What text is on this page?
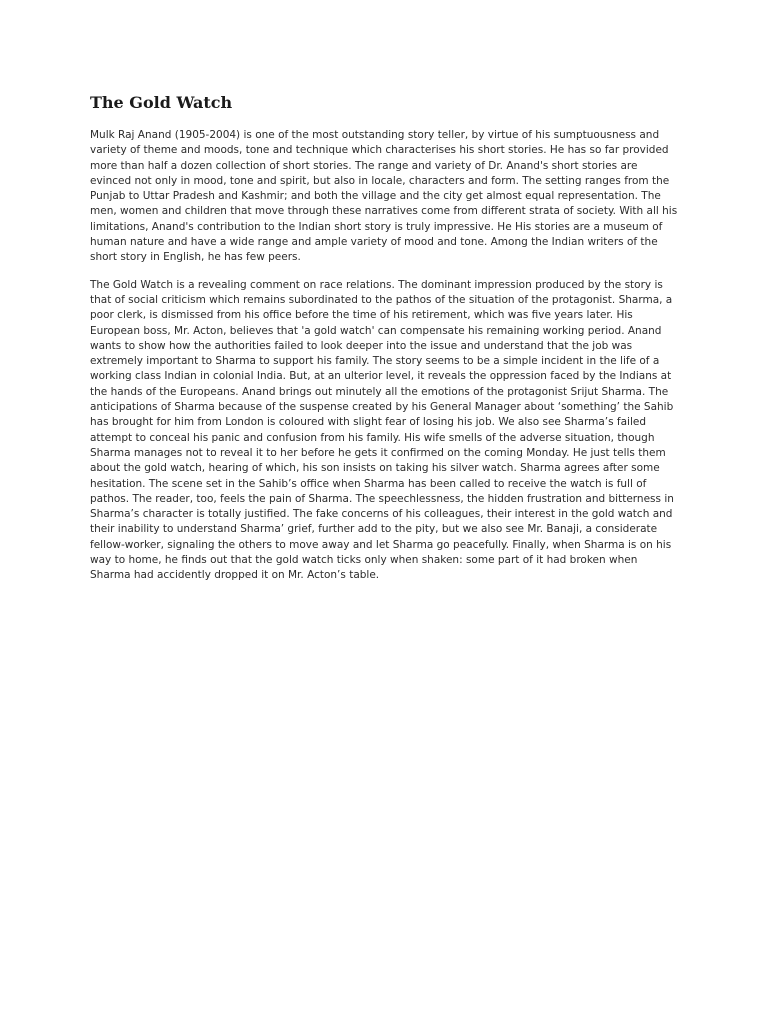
The Gold Watch

Mulk Raj Anand (1905-2004) is one of the most outstanding story teller, by virtue of his sumptuousness and variety of theme and moods, tone and technique which characterises his short stories. He has so far provided more than half a dozen collection of short stories. The range and variety of Dr. Anand's short stories are evinced not only in mood, tone and spirit, but also in locale, characters and form. The setting ranges from the Punjab to Uttar Pradesh and Kashmir; and both the village and the city get almost equal representation. The men, women and children that move through these narratives come from different strata of society. With all his limitations, Anand's contribution to the Indian short story is truly impressive. He His stories are a museum of human nature and have a wide range and ample variety of mood and tone. Among the Indian writers of the short story in English, he has few peers.

The Gold Watch is a revealing comment on race relations. The dominant impression produced by the story is that of social criticism which remains subordinated to the pathos of the situation of the protagonist. Sharma, a poor clerk, is dismissed from his office before the time of his retirement, which was five years later. His European boss, Mr. Acton, believes that 'a gold watch' can compensate his remaining working period. Anand wants to show how the authorities failed to look deeper into the issue and understand that the job was extremely important to Sharma to support his family. The story seems to be a simple incident in the life of a working class Indian in colonial India. But, at an ulterior level, it reveals the oppression faced by the Indians at the hands of the Europeans. Anand brings out minutely all the emotions of the protagonist Srijut Sharma. The anticipations of Sharma because of the suspense created by his General Manager about ‘something’ the Sahib has brought for him from London is coloured with slight fear of losing his job. We also see Sharma’s failed attempt to conceal his panic and confusion from his family. His wife smells of the adverse situation, though Sharma manages not to reveal it to her before he gets it confirmed on the coming Monday. He just tells them about the gold watch, hearing of which, his son insists on taking his silver watch. Sharma agrees after some hesitation. The scene set in the Sahib’s office when Sharma has been called to receive the watch is full of pathos. The reader, too, feels the pain of Sharma. The speechlessness, the hidden frustration and bitterness in Sharma’s character is totally justified. The fake concerns of his colleagues, their interest in the gold watch and their inability to understand Sharma’ grief, further add to the pity, but we also see Mr. Banaji, a considerate fellow-worker, signaling the others to move away and let Sharma go peacefully. Finally, when Sharma is on his way to home, he finds out that the gold watch ticks only when shaken: some part of it had broken when Sharma had accidently dropped it on Mr. Acton’s table.
